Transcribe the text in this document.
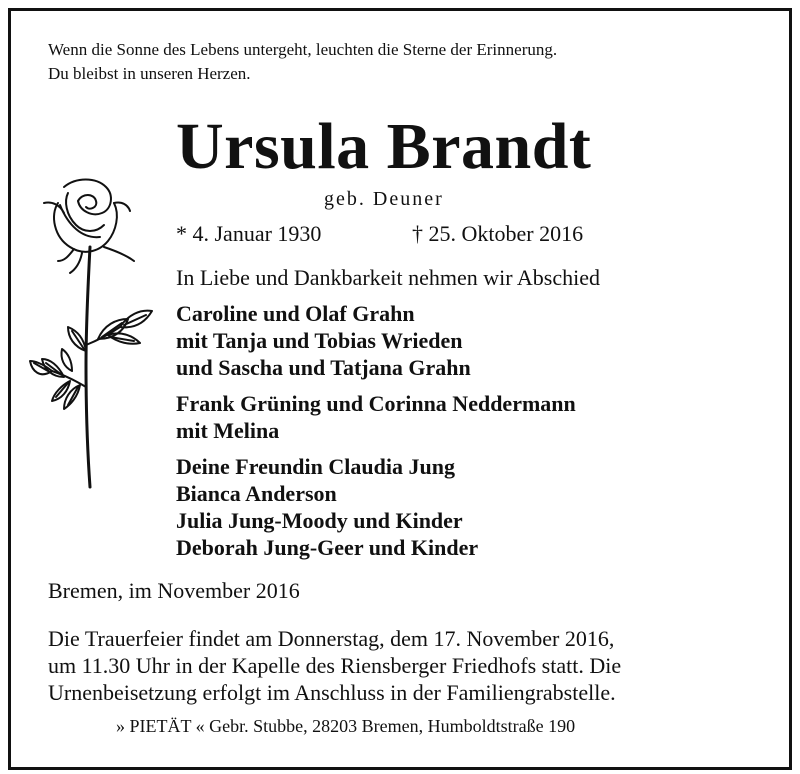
Wenn die Sonne des Lebens untergeht, leuchten die Sterne der Erinnerung.
Du bleibst in unseren Herzen.
Ursula Brandt
geb. Deuner
* 4. Januar 1930	† 25. Oktober 2016
In Liebe und Dankbarkeit nehmen wir Abschied
Caroline und Olaf Grahn
mit Tanja und Tobias Wrieden
und Sascha und Tatjana Grahn
Frank Grüning und Corinna Neddermann
mit Melina
Deine Freundin Claudia Jung
Bianca Anderson
Julia Jung-Moody und Kinder
Deborah Jung-Geer und Kinder
Bremen, im November 2016
Die Trauerfeier findet am Donnerstag, dem 17. November 2016,
um 11.30 Uhr in der Kapelle des Riensberger Friedhofs statt. Die
Urnenbeisetzung erfolgt im Anschluss in der Familiengrabstelle.
» PIETÄT « Gebr. Stubbe, 28203 Bremen, Humboldtstraße 190
